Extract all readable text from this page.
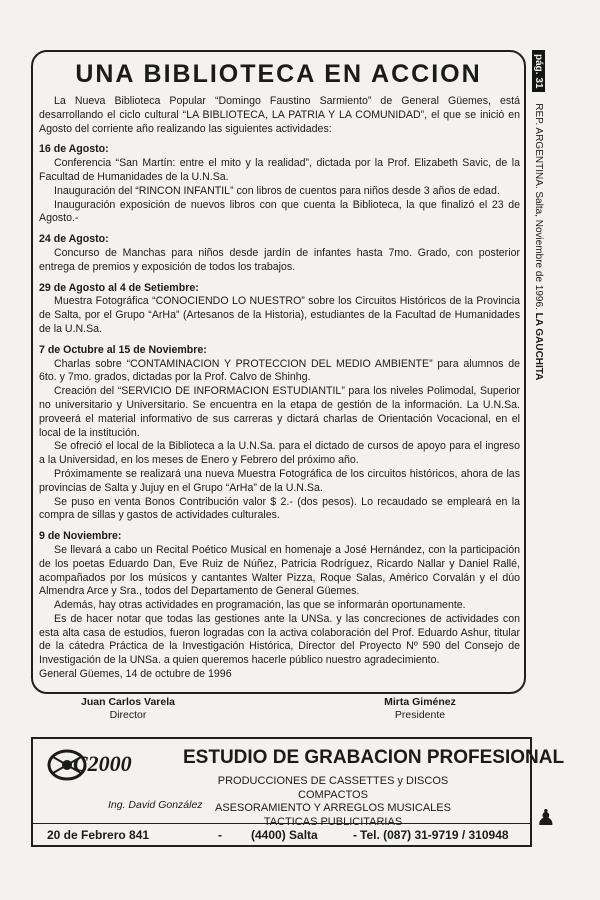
UNA BIBLIOTECA EN ACCION

La Nueva Biblioteca Popular “Domingo Faustino Sarmiento” de General Güemes, está desarrollando el ciclo cultural “LA BIBLIOTECA, LA PATRIA Y LA COMUNIDAD”, el que se inició en Agosto del corriente año realizando las siguientes actividades:

16 de Agosto:

Conferencia “San Martín: entre el mito y la realidad”, dictada por la Prof. Elizabeth Savic, de la Facultad de Humanidades de la U.N.Sa.

Inauguración del “RINCON INFANTIL” con libros de cuentos para niños desde 3 años de edad.

Inauguración exposición de nuevos libros con que cuenta la Biblioteca, la que finalizó el 23 de Agosto.-

24 de Agosto:

Concurso de Manchas para niños desde jardín de infantes hasta 7mo. Grado, con posterior entrega de premios y exposición de todos los trabajos.

29 de Agosto al 4 de Setiembre:

Muestra Fotográfica “CONOCIENDO LO NUESTRO” sobre los Circuitos Históricos de la Provincia de Salta, por el Grupo “ArHa” (Artesanos de la Historia), estudiantes de la Facultad de Humanidades de la U.N.Sa.

7 de Octubre al 15 de Noviembre:

Charlas sobre “CONTAMINACION Y PROTECCION DEL MEDIO AMBIENTE” para alumnos de 6to. y 7mo. grados, dictadas por la Prof. Calvo de Shinhg.

Creación del “SERVICIO DE INFORMACION ESTUDIANTIL” para los niveles Polimodal, Superior no universitario y Universitario. Se encuentra en la etapa de gestión de la información. La U.N.Sa. proveerá el material informativo de sus carreras y dictará charlas de Orientación Vocacional, en el local de la institución.

Se ofreció el local de la Biblioteca a la U.N.Sa. para el dictado de cursos de apoyo para el ingreso a la Universidad, en los meses de Enero y Febrero del próximo año.

Próximamente se realizará una nueva Muestra Fotográfica de los circuitos históricos, ahora de las provincias de Salta y Jujuy en el Grupo “ArHa” de la U.N.Sa.

Se puso en venta Bonos Contribución valor $ 2.- (dos pesos). Lo recaudado se empleará en la compra de sillas y gastos de actividades culturales.

9 de Noviembre:

Se llevará a cabo un Recital Poético Musical en homenaje a José Hernández, con la participación de los poetas Eduardo Dan, Eve Ruiz de Núñez, Patricia Rodríguez, Ricardo Nallar y Daniel Rallé, acompañados por los músicos y cantantes Walter Pizza, Roque Salas, Américo Corvalán y el dúo Almendra Arce y Sra., todos del Departamento de General Güemes.

Además, hay otras actividades en programación, las que se informarán oportunamente.

Es de hacer notar que todas las gestiones ante la UNSa. y las concreciones de actividades con esta alta casa de estudios, fueron logradas con la activa colaboración del Prof. Eduardo Ashur, titular de la cátedra Práctica de la Investigación Histórica, Director del Proyecto Nº 590 del Consejo de Investigación de la UNSa. a quien queremos hacerle público nuestro agradecimiento.

General Güemes, 14 de octubre de 1996

Juan Carlos Varela
Director
Mirta Giménez
Presidente
pág. 31 REP. ARGENTINA. Salta, Noviembre de 1996. LA GAUCHITA
C2000	ESTUDIO DE GRABACION PROFESIONAL
PRODUCCIONES DE CASSETTES y DISCOS COMPACTOS
ASESORAMIENTO Y ARREGLOS MUSICALES
TACTICAS PUBLICITARIAS
Ing. David González
20 de Febrero 841	- (4400) Salta	- Tel. (087) 31-9719 / 310948
♟
